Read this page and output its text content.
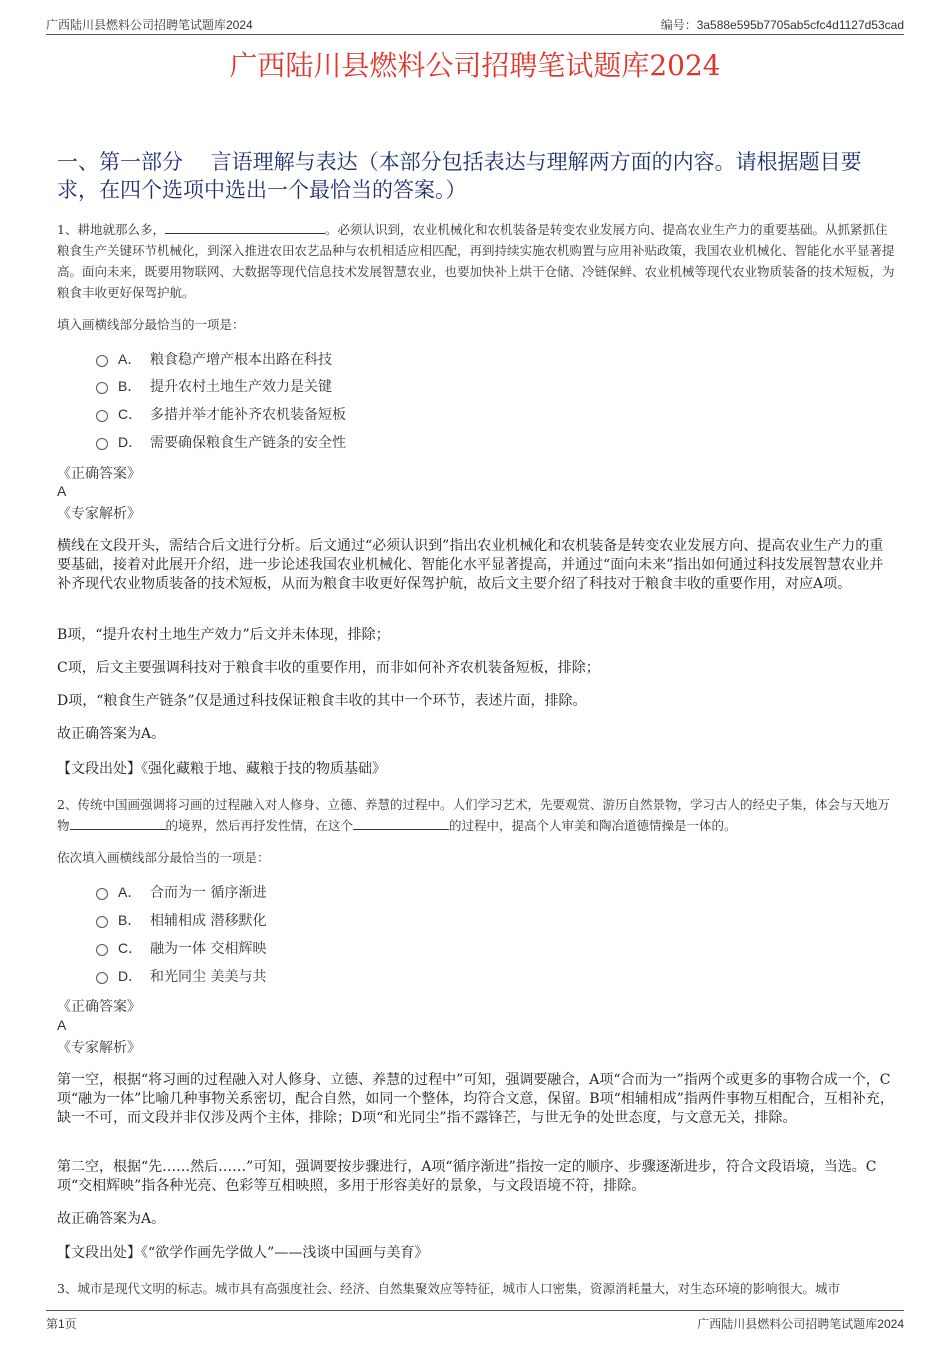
广西陆川县燃料公司招聘笔试题库2024	编号：3a588e595b7705ab5cfc4d1127d53cad
广西陆川县燃料公司招聘笔试题库2024
一、第一部分　 言语理解与表达（本部分包括表达与理解两方面的内容。请根据题目要求，在四个选项中选出一个最恰当的答案。）
1、耕地就那么多，	。必须认识到，农业机械化和农机装备是转变农业发展方向、提高农业生产力的重要基础。从抓紧抓住粮食生产关键环节机械化，到深入推进农田农艺品种与农机相适应相匹配，再到持续实施农机购置与应用补贴政策，我国农业机械化、智能化水平显著提高。面向未来，既要用物联网、大数据等现代信息技术发展智慧农业，也要加快补上烘干仓储、冷链保鲜、农业机械等现代农业物质装备的技术短板，为粮食丰收更好保驾护航。
填入画横线部分最恰当的一项是：
A． 粮食稳产增产根本出路在科技
B． 提升农村土地生产效力是关键
C． 多措并举才能补齐农机装备短板
D． 需要确保粮食生产链条的安全性
《正确答案》
A
《专家解析》
横线在文段开头，需结合后文进行分析。后文通过“必须认识到”指出农业机械化和农机装备是转变农业发展方向、提高农业生产力的重要基础，接着对此展开介绍，进一步论述我国农业机械化、智能化水平显著提高，并通过“面向未来”指出如何通过科技发展智慧农业并补齐现代农业物质装备的技术短板，从而为粮食丰收更好保驾护航，故后文主要介绍了科技对于粮食丰收的重要作用，对应A项。
B项，“提升农村土地生产效力”后文并未体现，排除；
C项，后文主要强调科技对于粮食丰收的重要作用，而非如何补齐农机装备短板，排除；
D项，“粮食生产链条”仅是通过科技保证粮食丰收的其中一个环节，表述片面，排除。
故正确答案为A。
【文段出处】《强化藏粮于地、藏粮于技的物质基础》
2、传统中国画强调将习画的过程融入对人修身、立德、养慧的过程中。人们学习艺术，先要观赏、游历自然景物，学习古人的经史子集，体会与天地万物	的境界，然后再抒发性情，在这个	的过程中，提高个人审美和陶冶道德情操是一体的。
依次填入画横线部分最恰当的一项是：
A． 合而为一 循序渐进
B． 相辅相成 潜移默化
C． 融为一体 交相辉映
D． 和光同尘 美美与共
《正确答案》
A
《专家解析》
第一空，根据“将习画的过程融入对人修身、立德、养慧的过程中”可知，强调要融合，A项“合而为一”指两个或更多的事物合成一个，C项“融为一体”比喻几种事物关系密切，配合自然，如同一个整体，均符合文意，保留。B项“相辅相成”指两件事物互相配合，互相补充，缺一不可，而文段并非仅涉及两个主体，排除；D项“和光同尘”指不露锋芒，与世无争的处世态度，与文意无关，排除。
第二空，根据“先……然后……”可知，强调要按步骤进行，A项“循序渐进”指按一定的顺序、步骤逐渐进步，符合文段语境，当选。C项“交相辉映”指各种光亮、色彩等互相映照，多用于形容美好的景象，与文段语境不符，排除。
故正确答案为A。
【文段出处】《“欲学作画先学做人”——浅谈中国画与美育》
3、城市是现代文明的标志。城市具有高强度社会、经济、自然集聚效应等特征，城市人口密集，资源消耗量大，对生态环境的影响很大。城市
第1页	广西陆川县燃料公司招聘笔试题库2024
